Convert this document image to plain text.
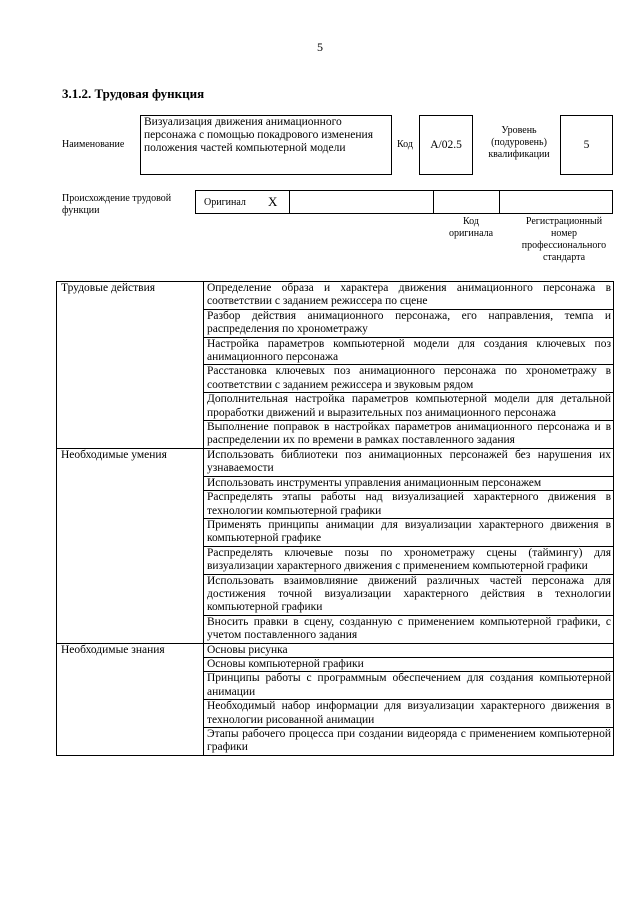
5
3.1.2. Трудовая функция
Наименование
Визуализация движения анимационного персонажа с помощью покадрового изменения положения частей компьютерной модели	Код А/02.5
Уровень (подуровень) квалификации
5
Происхождение трудовой функции
Оригинал X
Код оригинала
Регистрационный номер профессионального стандарта
Трудовые действия	Определение образа и характера движения анимационного персонажа в соответствии с заданием режиссера по сцене
	Разбор действия анимационного персонажа, его направления, темпа и распределения по хронометражу
	Настройка параметров компьютерной модели для создания ключевых поз анимационного персонажа
	Расстановка ключевых поз анимационного персонажа по хронометражу в соответствии с заданием режиссера и звуковым рядом
	Дополнительная настройка параметров компьютерной модели для детальной проработки движений и выразительных поз анимационного персонажа
	Выполнение поправок в настройках параметров анимационного персонажа и в распределении их по времени в рамках поставленного задания
Необходимые умения	Использовать библиотеки поз анимационных персонажей без нарушения их узнаваемости
	Использовать инструменты управления анимационным персонажем
	Распределять этапы работы над визуализацией характерного движения в технологии компьютерной графики
	Применять принципы анимации для визуализации характерного движения в компьютерной графике
	Распределять ключевые позы по хронометражу сцены (таймингу) для визуализации характерного движения с применением компьютерной графики
	Использовать взаимовлияние движений различных частей персонажа для достижения точной визуализации характерного действия в технологии компьютерной графики
	Вносить правки в сцену, созданную с применением компьютерной графики, с учетом поставленного задания
Необходимые знания	Основы рисунка
	Основы компьютерной графики
	Принципы работы с программным обеспечением для создания компьютерной анимации
	Необходимый набор информации для визуализации характерного движения в технологии рисованной анимации
	Этапы рабочего процесса при создании видеоряда с применением компьютерной графики
